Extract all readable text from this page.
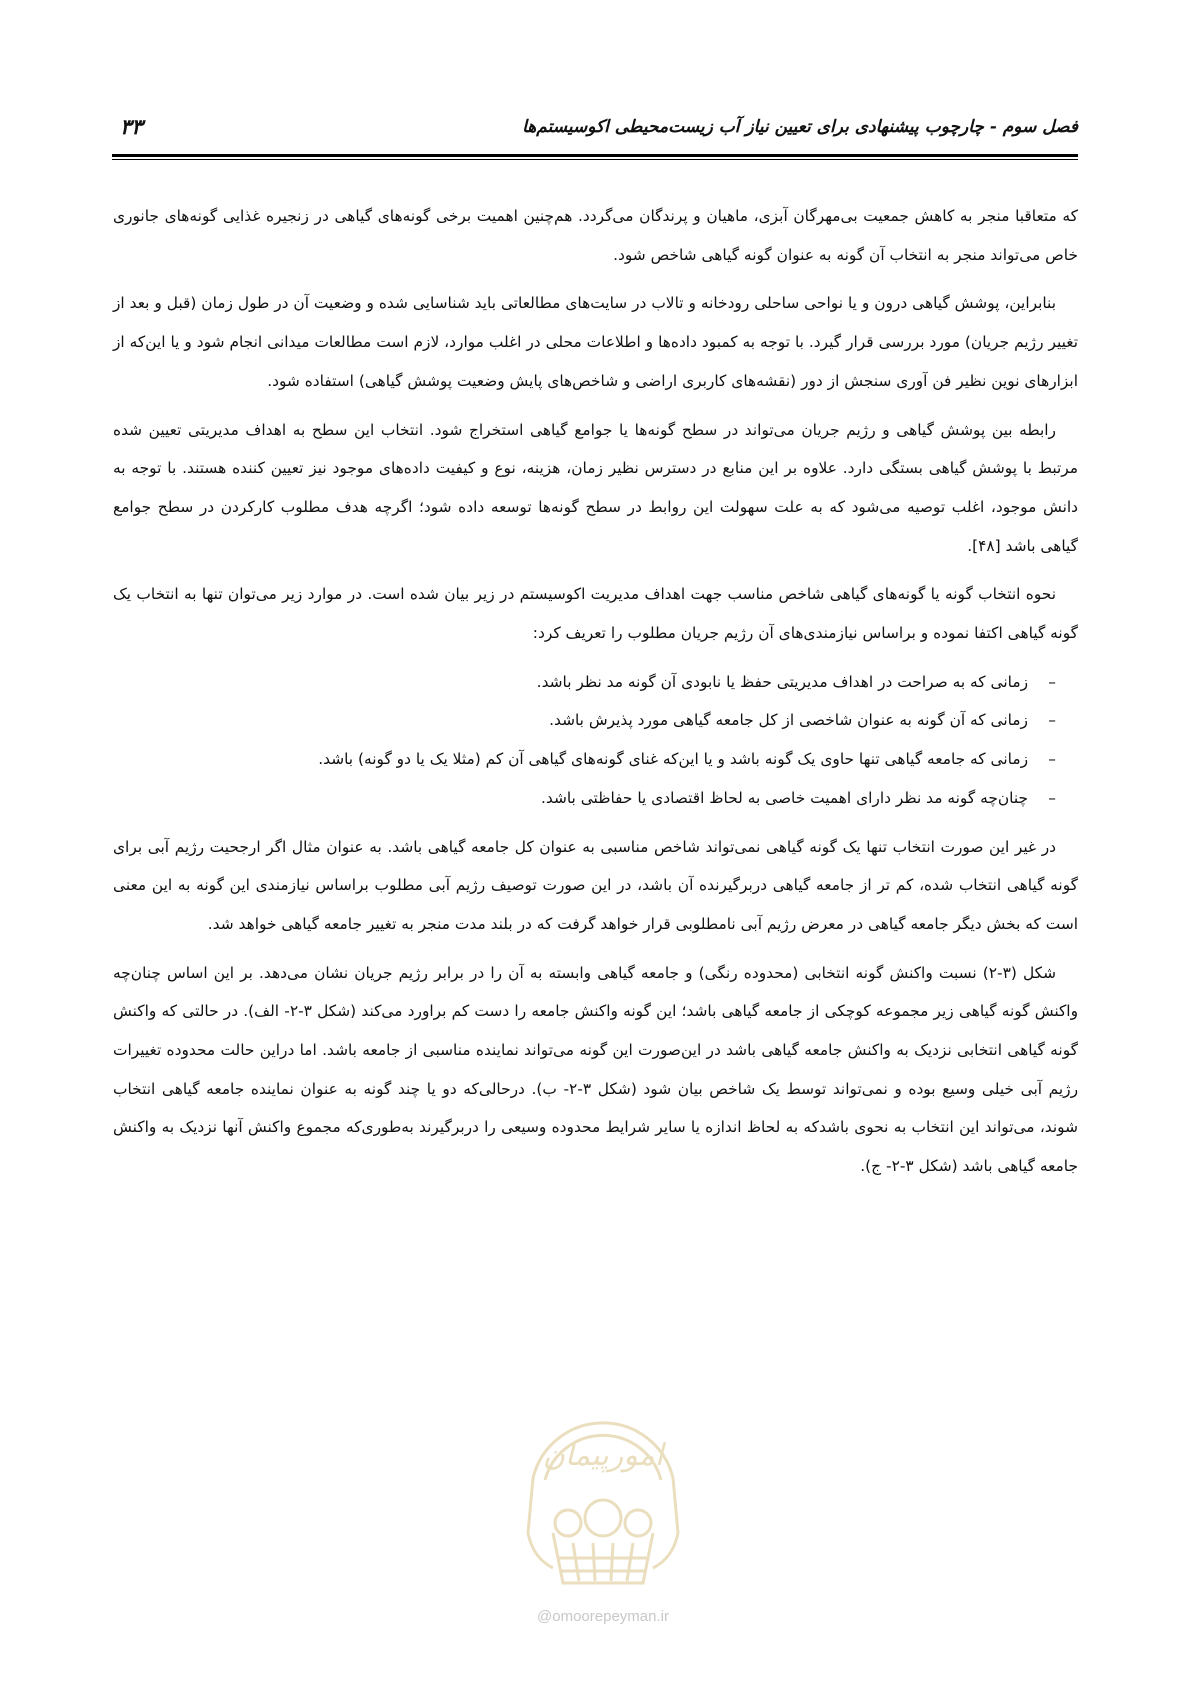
فصل سوم - چارچوب پیشنهادی برای تعیین نیاز آب زیست‌محیطی اکوسیستم‌ها
۳۳

که متعاقبا منجر به کاهش جمعیت بی‌مهرگان آبزی، ماهیان و پرندگان می‌گردد. هم‌چنین اهمیت برخی گونه‌های گیاهی در زنجیره غذایی گونه‌های جانوری خاص می‌تواند منجر به انتخاب آن گونه به عنوان گونه گیاهی شاخص شود.

بنابراین، پوشش گیاهی درون و یا نواحی ساحلی رودخانه و تالاب در سایت‌های مطالعاتی باید شناسایی شده و وضعیت آن در طول زمان (قبل و بعد از تغییر رژیم جریان) مورد بررسی قرار گیرد. با توجه به کمبود داده‌ها و اطلاعات محلی در اغلب موارد، لازم است مطالعات میدانی انجام شود و یا این‌که از ابزارهای نوین نظیر فن آوری سنجش از دور (نقشه‌های کاربری اراضی و شاخص‌های پایش وضعیت پوشش گیاهی) استفاده شود.

رابطه بین پوشش گیاهی و رژیم جریان می‌تواند در سطح گونه‌ها یا جوامع گیاهی استخراج شود. انتخاب این سطح به اهداف مدیریتی تعیین شده مرتبط با پوشش گیاهی بستگی دارد. علاوه بر این منابع در دسترس نظیر زمان، هزینه، نوع و کیفیت داده‌های موجود نیز تعیین کننده هستند. با توجه به دانش موجود، اغلب توصیه می‌شود که به علت سهولت این روابط در سطح گونه‌ها توسعه داده شود؛ اگرچه هدف مطلوب کارکردن در سطح جوامع گیاهی باشد [۴۸].

نحوه انتخاب گونه یا گونه‌های گیاهی شاخص مناسب جهت اهداف مدیریت اکوسیستم در زیر بیان شده است. در موارد زیر می‌توان تنها به انتخاب یک گونه گیاهی اکتفا نموده و براساس نیازمندی‌های آن رژیم جریان مطلوب را تعریف کرد:

–
زمانی که به صراحت در اهداف مدیریتی حفظ یا نابودی آن گونه مد نظر باشد.
–
زمانی که آن گونه به عنوان شاخصی از کل جامعه گیاهی مورد پذیرش باشد.
–
زمانی که جامعه گیاهی تنها حاوی یک گونه باشد و یا این‌که غنای گونه‌های گیاهی آن کم (مثلا یک یا دو گونه) باشد.
–
چنان‌چه گونه مد نظر دارای اهمیت خاصی به لحاظ اقتصادی یا حفاظتی باشد.

در غیر این صورت انتخاب تنها یک گونه گیاهی نمی‌تواند شاخص مناسبی به عنوان کل جامعه گیاهی باشد. به عنوان مثال اگر ارجحیت رژیم آبی برای گونه گیاهی انتخاب شده، کم تر از جامعه گیاهی دربرگیرنده آن باشد، در این صورت توصیف رژیم آبی مطلوب براساس نیازمندی این گونه به این معنی است که بخش دیگر جامعه گیاهی در معرض رژیم آبی نامطلوبی قرار خواهد گرفت که در بلند مدت منجر به تغییر جامعه گیاهی خواهد شد.

شکل (۳-۲) نسبت واکنش گونه انتخابی (محدوده رنگی) و جامعه گیاهی وابسته به آن را در برابر رژیم جریان نشان می‌دهد. بر این اساس چنان‌چه واکنش گونه گیاهی زیر مجموعه کوچکی از جامعه گیاهی باشد؛ این گونه واکنش جامعه را دست کم براورد می‌کند (شکل ۳-۲- الف). در حالتی که واکنش گونه گیاهی انتخابی نزدیک به واکنش جامعه گیاهی باشد در این‌صورت این گونه می‌تواند نماینده مناسبی از جامعه باشد. اما دراین حالت محدوده تغییرات رژیم آبی خیلی وسیع بوده و نمی‌تواند توسط یک شاخص بیان شود (شکل ۳-۲- ب). درحالی‌که دو یا چند گونه به عنوان نماینده جامعه گیاهی انتخاب شوند، می‌تواند این انتخاب به نحوی باشدکه به لحاظ اندازه یا سایر شرایط محدوده وسیعی را دربرگیرند به‌طوری‌که مجموع واکنش آنها نزدیک به واکنش جامعه گیاهی باشد (شکل ۳-۲- ج).

امورپیمان
@omoorepeyman.ir
